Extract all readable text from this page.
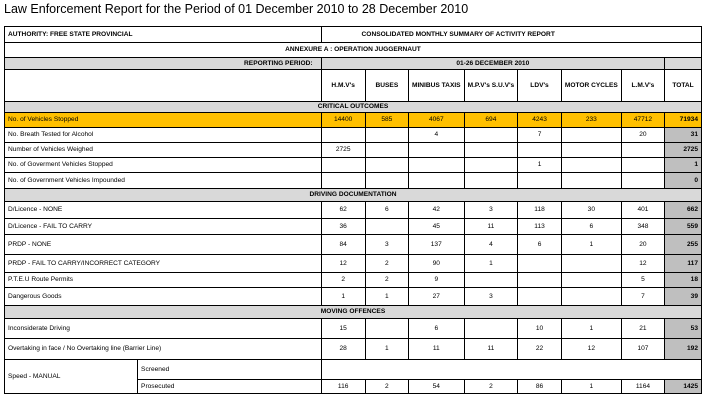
Law Enforcement Report for the Period of 01 December 2010 to 28 December 2010
AUTHORITY: FREE STATE PROVINCIAL		CONSOLIDATED MONTHLY SUMMARY OF ACTIVITY REPORT							
ANNEXURE A : OPERATION JUGGERNAUT									
REPORTING PERIOD:		01-26 DECEMBER 2010							
		H.M.V's	BUSES	MINIBUS TAXIS	M.P.V's S.U.V's	LDV's	MOTOR CYCLES	L.M.V's	TOTAL
CRITICAL OUTCOMES									
No. of Vehicles Stopped		14400	585	4067	694	4243	233	47712	71934
No. Breath Tested for Alcohol				4		7		20	31
Number of Vehicles Weighed		2725							2725
No. of Goverment Vehicles Stopped						1			1
No. of Government Vehicles Impounded									0
DRIVING DOCUMENTATION									
D/Licence - NONE		62	6	42	3	118	30	401	662
D/Licence - FAIL TO CARRY		36		45	11	113	6	348	559
PRDP - NONE		84	3	137	4	6	1	20	255
PRDP - FAIL TO CARRY/INCORRECT CATEGORY		12	2	90	1			12	117
P.T.E.U Route Permits		2	2	9				5	18
Dangerous Goods		1	1	27	3			7	39
MOVING OFFENCES									
Inconsiderate Driving		15		6		10	1	21	53
Overtaking in face / No Overtaking line (Barrier Line)		28	1	11	11	22	12	107	192
Speed - MANUAL	Screened								
	Prosecuted	116	2	54	2	86	1	1164	1425
